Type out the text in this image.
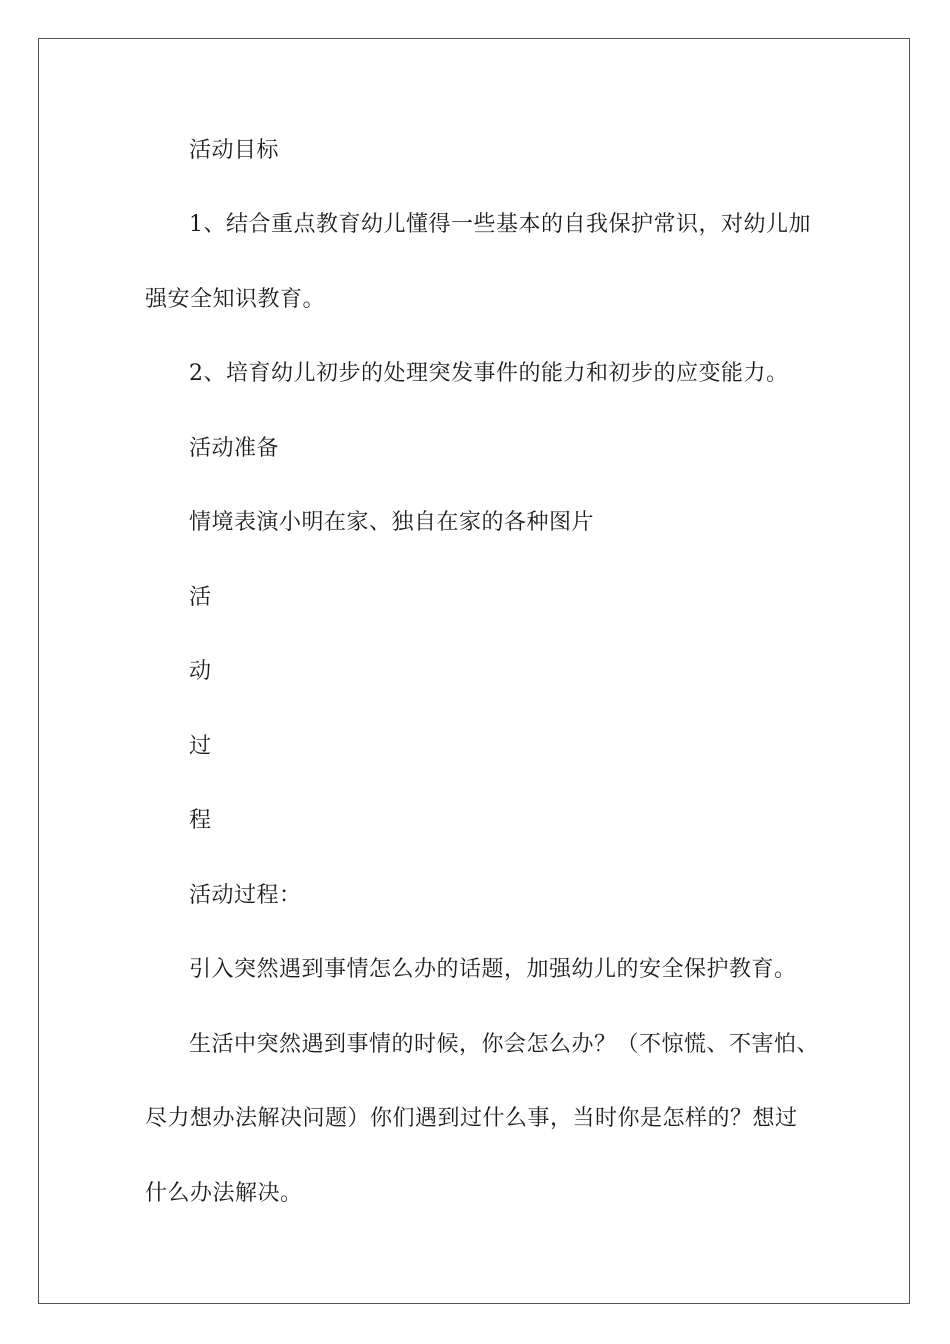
活动目标
1、结合重点教育幼儿懂得一些基本的自我保护常识，对幼儿加
强安全知识教育。
2、培育幼儿初步的处理突发事件的能力和初步的应变能力。
活动准备
情境表演小明在家、独自在家的各种图片
活
动
过
程
活动过程：
引入突然遇到事情怎么办的话题，加强幼儿的安全保护教育。
生活中突然遇到事情的时候，你会怎么办？（不惊慌、不害怕、
尽力想办法解决问题）你们遇到过什么事，当时你是怎样的？想过
什么办法解决。
